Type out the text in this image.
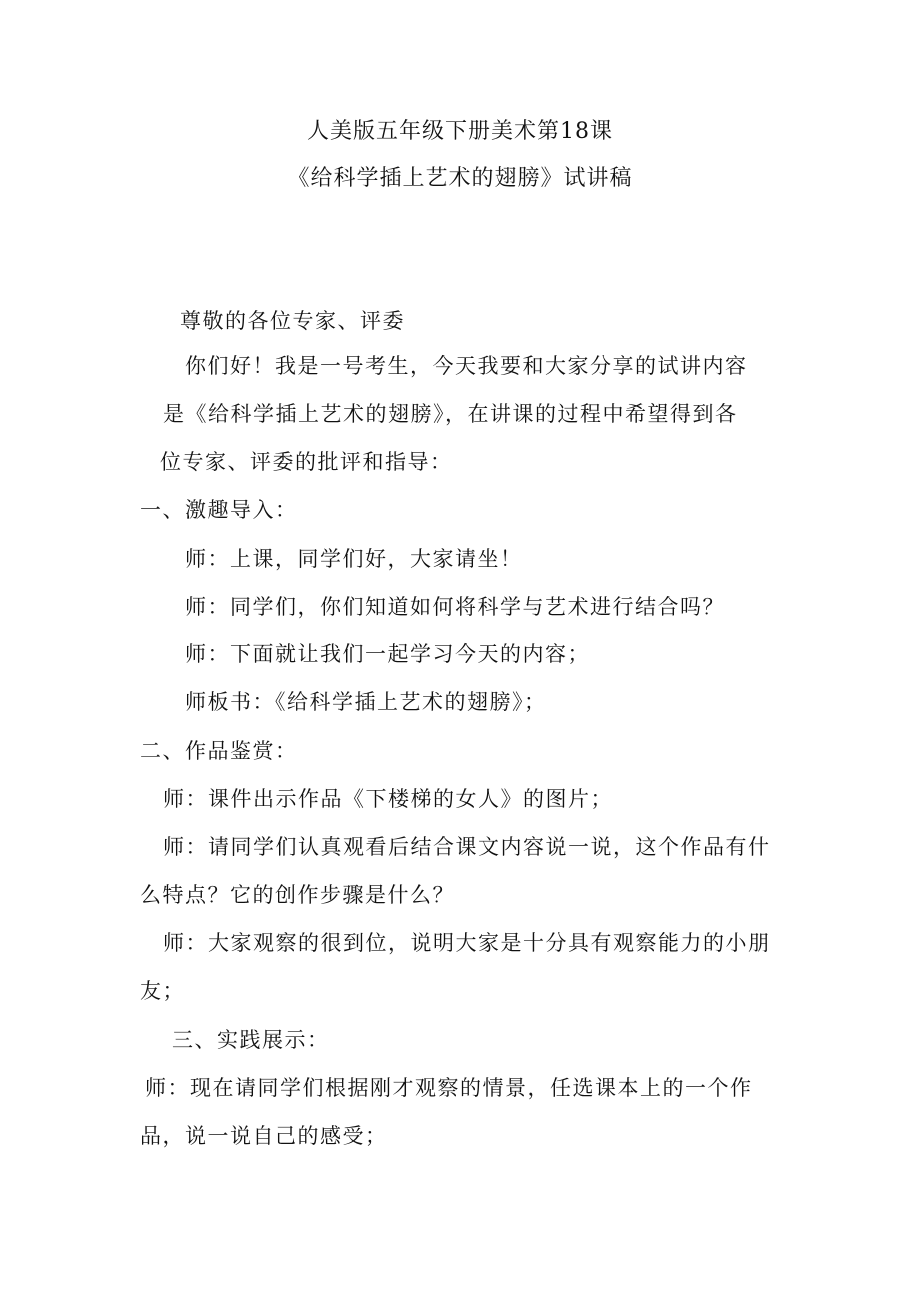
人美版五年级下册美术第18课
《给科学插上艺术的翅膀》试讲稿
尊敬的各位专家、评委
你们好！我是一号考生，今天我要和大家分享的试讲内容
是《给科学插上艺术的翅膀》，在讲课的过程中希望得到各
位专家、评委的批评和指导：
一、激趣导入：
师：上课，同学们好，大家请坐！
师：同学们，你们知道如何将科学与艺术进行结合吗？
师：下面就让我们一起学习今天的内容；
师板书：《给科学插上艺术的翅膀》；
二、作品鉴赏：
师：课件出示作品《下楼梯的女人》的图片；
师：请同学们认真观看后结合课文内容说一说，这个作品有什
么特点？它的创作步骤是什么？
师：大家观察的很到位，说明大家是十分具有观察能力的小朋
友；
三、实践展示：
师：现在请同学们根据刚才观察的情景，任选课本上的一个作
品，说一说自己的感受；
